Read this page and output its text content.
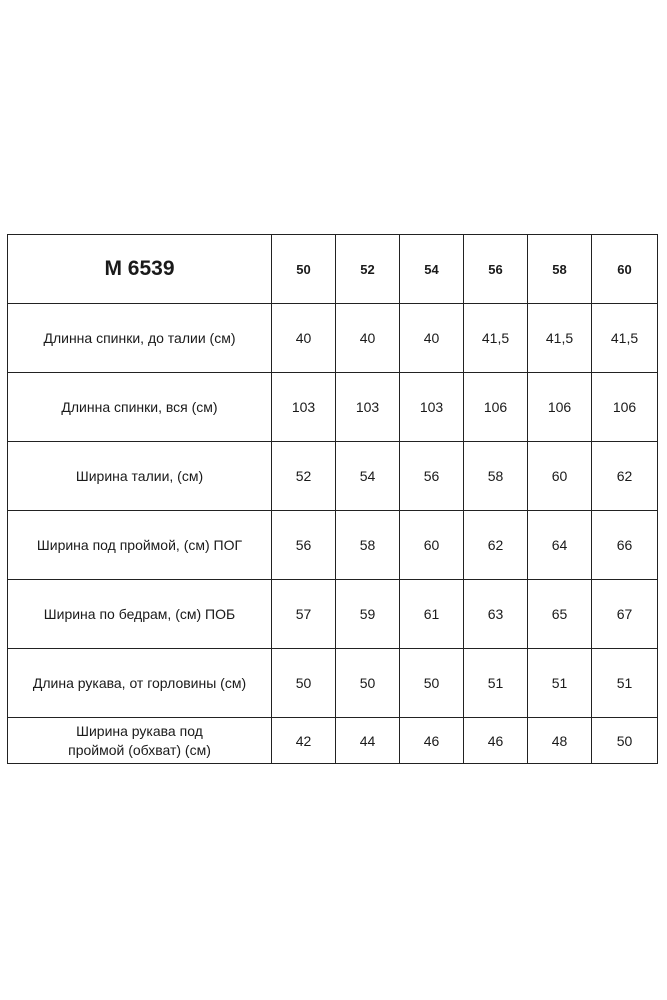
М 6539	50	52	54	56	58	60
Длинна спинки, до талии (см)	40	40	40	41,5	41,5	41,5
Длинна спинки, вся (см)	103	103	103	106	106	106
Ширина талии, (см)	52	54	56	58	60	62
Ширина под проймой, (см) ПОГ	56	58	60	62	64	66
Ширина по бедрам, (см) ПОБ	57	59	61	63	65	67
Длина рукава, от горловины (см)	50	50	50	51	51	51
Ширина рукава под
проймой (обхват) (см)	42	44	46	46	48	50
